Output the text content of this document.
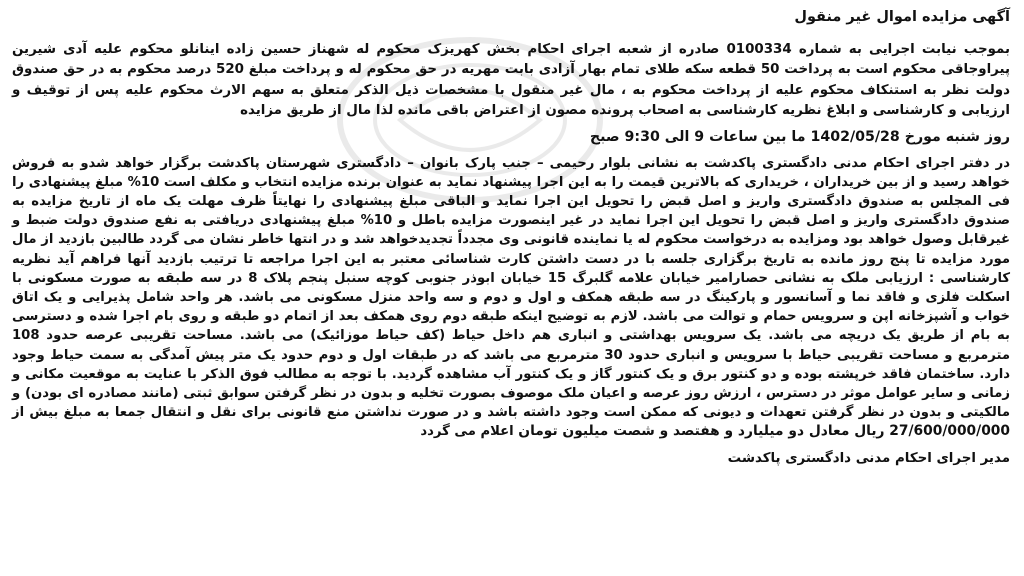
آگهی مزایده اموال غیر منقول

بموجب نیابت اجرایی به شماره 0100334 صادره از شعبه اجرای احکام بخش کهریزک محکوم له شهناز حسین زاده اینانلو محکوم علیه آدی شیرین پیراوجاقی محکوم است به پرداخت 50 قطعه سکه طلای تمام بهار آزادی بابت مهریه در حق محکوم له و پرداخت مبلغ 520 درصد محکوم به در حق صندوق دولت نظر به استنکاف محکوم علیه از پرداخت محکوم به ، مال غیر منقول با مشخصات ذیل الذکر متعلق به سهم الارث محکوم علیه پس از توقیف و ارزیابی و کارشناسی و ابلاغ نظریه کارشناسی به اصحاب پرونده مصون از اعتراض باقی مانده لذا مال از طریق مزایده

روز شنبه مورخ 1402/05/28 ما بین ساعات 9 الی 9:30 صبح

در دفتر اجرای احکام مدنی دادگستری پاکدشت به نشانی بلوار رحیمی – جنب پارک بانوان – دادگستری شهرستان پاکدشت برگزار خواهد شدو به فروش خواهد رسید و از بین خریداران ، خریداری که بالاترین قیمت را به این اجرا پیشنهاد نماید به عنوان برنده مزایده انتخاب و مکلف است 10% مبلغ پیشنهادی را فی المجلس به صندوق دادگستری واریز و اصل قبض را تحویل این اجرا نماید و الباقی مبلغ پیشنهادی را نهایتاً ظرف مهلت یک ماه از تاریخ مزایده به صندوق دادگستری واریز و اصل قبض را تحویل این اجرا نماید در غیر اینصورت مزایده باطل و 10% مبلغ پیشنهادی دریافتی به نفع صندوق دولت ضبط و غیرقابل وصول خواهد بود ومزایده به درخواست محکوم له یا نماینده قانونی وی مجدداً تجدیدخواهد شد و در انتها خاطر نشان می گردد طالبین بازدید از مال مورد مزایده تا پنج روز مانده به تاریخ برگزاری جلسه با در دست داشتن کارت شناسائی معتبر به این اجرا مراجعه تا ترتیب بازدید آنها فراهم آید نظریه کارشناسی : ارزیابی ملک به نشانی حصارامیر خیابان علامه گلبرگ 15 خیابان ابوذر جنوبی کوچه سنبل پنجم پلاک 8 در سه طبقه به صورت مسکونی با اسکلت فلزی و فاقد نما و آسانسور و پارکینگ در سه طبقه همکف و اول و دوم و سه واحد منزل مسکونی می باشد. هر واحد شامل پذیرایی و یک اتاق خواب و آشپزخانه اپن و سرویس حمام و توالت می باشد. لازم به توضیح اینکه طبقه دوم روی همکف بعد از اتمام دو طبقه و روی بام اجرا شده و دسترسی به بام از طریق یک دریچه می باشد. یک سرویس بهداشتی و انباری هم داخل حیاط (کف حیاط موزائیک) می باشد. مساحت تقریبی عرصه حدود 108 مترمربع و مساحت تقریبی حیاط با سرویس و انباری حدود 30 مترمربع می باشد که در طبقات اول و دوم حدود یک متر پیش آمدگی به سمت حیاط وجود دارد. ساختمان فاقد خرپشته بوده و دو کنتور برق و یک کنتور گاز و یک کنتور آب مشاهده گردید. با توجه به مطالب فوق الذکر با عنایت به موقعیت مکانی و زمانی و سایر عوامل موثر در دسترس ، ارزش روز عرصه و اعیان ملک موصوف بصورت تخلیه و بدون در نظر گرفتن سوابق ثبتی (مانند مصادره ای بودن) و مالکیتی و بدون در نظر گرفتن تعهدات و دیونی که ممکن است وجود داشته باشد و در صورت نداشتن منع قانونی برای نقل و انتقال جمعا به مبلغ بیش از 27/600/000/000 ریال معادل دو میلیارد و هفتصد و شصت میلیون تومان اعلام می گردد

مدیر اجرای احکام مدنی دادگستری پاکدشت
